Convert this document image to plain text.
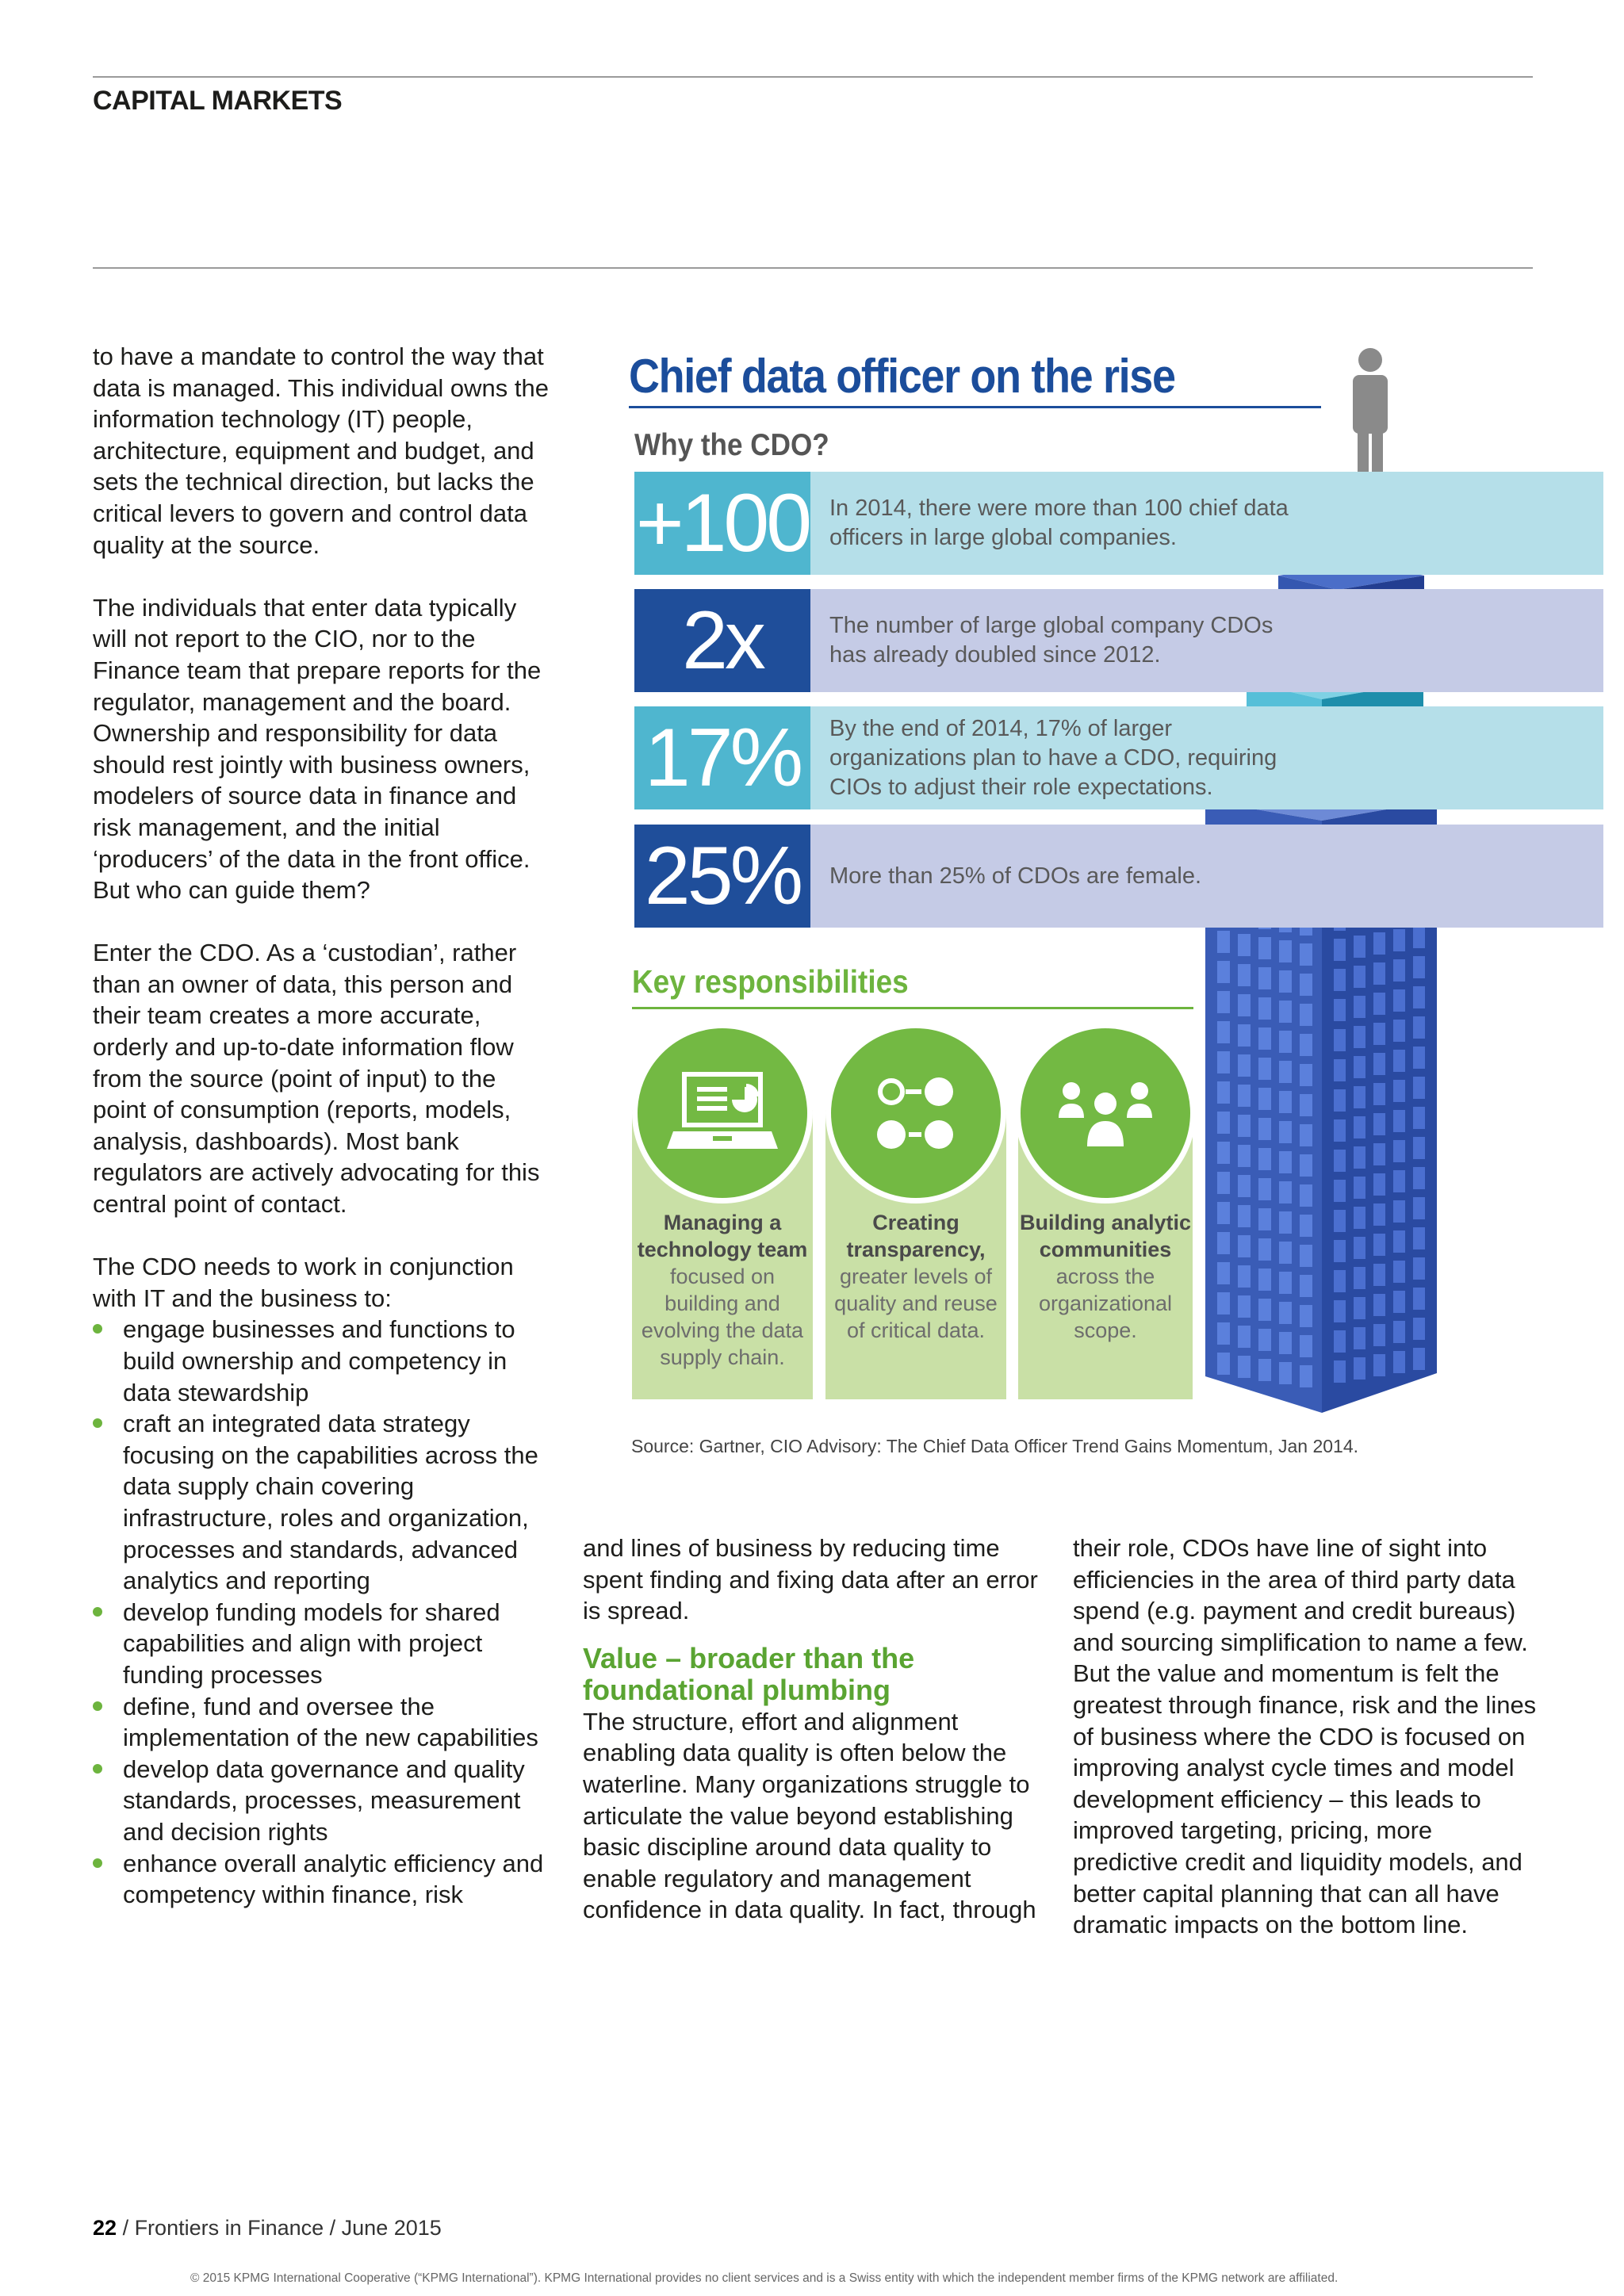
CAPITAL MARKETS

to have a mandate to control the way that data is managed. This individual owns the information technology (IT) people, architecture, equipment and budget, and sets the technical direction, but lacks the critical levers to govern and control data quality at the source.

The individuals that enter data typically will not report to the CIO, nor to the Finance team that prepare reports for the regulator, management and the board. Ownership and responsibility for data should rest jointly with business owners, modelers of source data in finance and risk management, and the initial ‘producers’ of the data in the front office. But who can guide them?

Enter the CDO. As a ‘custodian’, rather than an owner of data, this person and their team creates a more accurate, orderly and up-to-date information flow from the source (point of input) to the point of consumption (reports, models, analysis, dashboards). Most bank regulators are actively advocating for this central point of contact.

The CDO needs to work in conjunction with IT and the business to:

engage businesses and functions to build ownership and competency in data stewardship
craft an integrated data strategy focusing on the capabilities across the data supply chain covering infrastructure, roles and organization, processes and standards, advanced analytics and reporting
develop funding models for shared capabilities and align with project funding processes
define, fund and oversee the implementation of the new capabilities
develop data governance and quality standards, processes, measurement and decision rights
enhance overall analytic efficiency and competency within finance, risk

and lines of business by reducing time spent finding and fixing data after an error is spread.

Value – broader than the foundational plumbing

The structure, effort and alignment enabling data quality is often below the waterline. Many organizations struggle to articulate the value beyond establishing basic discipline around data quality to enable regulatory and management confidence in data quality. In fact, through

their role, CDOs have line of sight into efficiencies in the area of third party data spend (e.g. payment and credit bureaus) and sourcing simplification to name a few. But the value and momentum is felt the greatest through finance, risk and the lines of business where the CDO is focused on improving analyst cycle times and model development efficiency – this leads to improved targeting, pricing, more predictive credit and liquidity models, and better capital planning that can all have dramatic impacts on the bottom line.

Chief data officer on the rise
Why the CDO?
+100 In 2014, there were more than 100 chief data
officers in large global companies.
2x	The number of large global company CDOs
has already doubled since 2012.
17%	By the end of 2014, 17% of larger
organizations plan to have a CDO, requiring
CIOs to adjust their role expectations.
25%	More than 25% of CDOs are female.
Key responsibilities
Managing a technology team
focused on building and evolving the data supply chain.
Creating transparency,
greater levels of quality and reuse of critical data.
Building analytic communities
across the organizational scope.
Source: Gartner, CIO Advisory: The Chief Data Officer Trend Gains Momentum, Jan 2014.
22 / Frontiers in Finance / June 2015
© 2015 KPMG International Cooperative (“KPMG International”). KPMG International provides no client services and is a Swiss entity with which the independent member firms of the KPMG network are affiliated.
